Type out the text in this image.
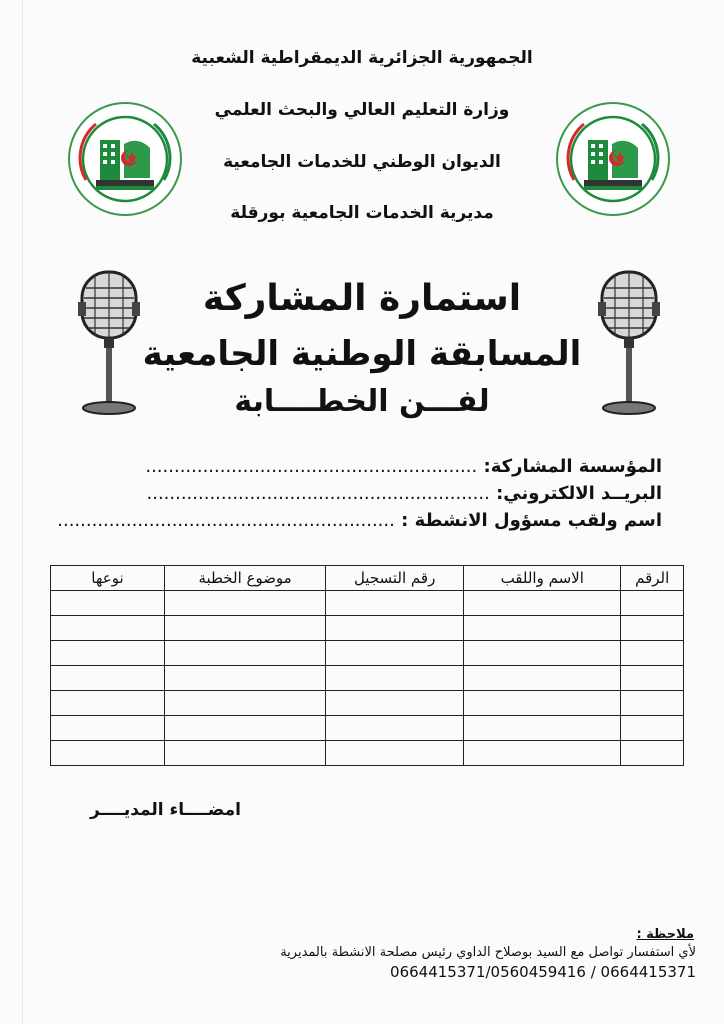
الجمهورية الجزائرية الديمقراطية الشعبية
وزارة التعليم العالي والبحث العلمي
الديوان الوطني للخدمات الجامعية
مديرية الخدمات الجامعية بورقلة
استمارة المشاركة
المسابقة الوطنية الجامعية
لفـــن الخطــــابة
المؤسسة المشاركة: ..........................................................
البريــد الالكتروني: ............................................................
اسم ولقب مسؤول الانشطة : ...........................................................
الرقم	الاسم واللقب	رقم التسجيل	موضوع الخطبة	نوعها

امضــــاء المديــــر
ملاحظة :
لأي استفسار تواصل مع السيد بوصلاح الداوي رئيس مصلحة الانشطة بالمديرية
0664415371/0560459416 / 0664415371
